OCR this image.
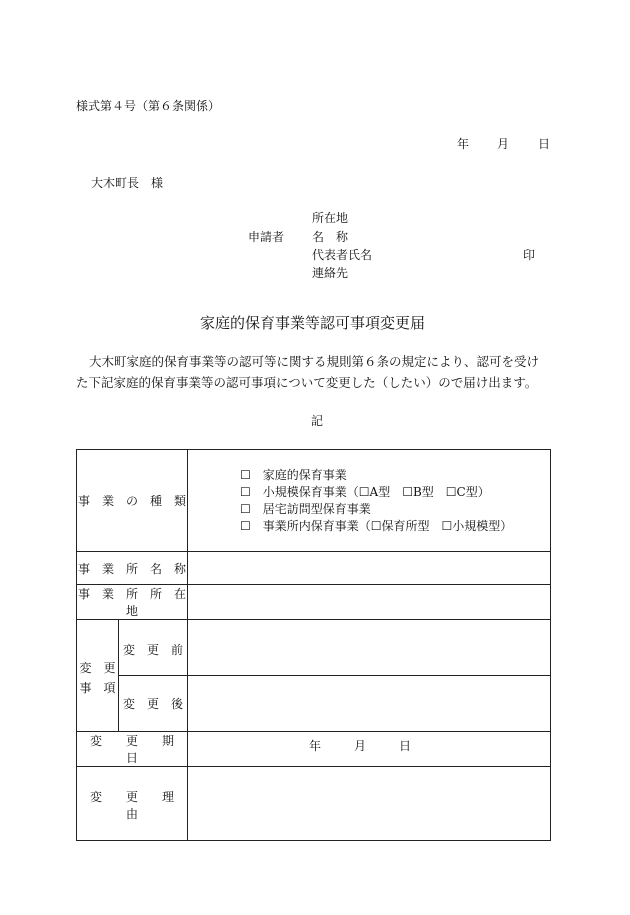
様式第４号（第６条関係）
年 月 日
大木町長　様
所在地
申請者 名　称
代表者氏名	印
連絡先
家庭的保育事業等認可事項変更届
大木町家庭的保育事業等の認可等に関する規則第６条の規定により、認可を受け
た下記家庭的保育事業等の認可事項について変更した（したい）ので届け出ます。
記
事　業　の　種　類		☐　家庭的保育事業
☐　小規模保育事業（☐A型　☐B型　☐C型）
☐　居宅訪問型保育事業
☐　事業所内保育事業（☐保育所型　☐小規模型）

事　業　所　名　称		
事　業　所　所　在　地		

変　更
事　項	変　更　前	
	変　更　後	
変　　更　　期　　日		年 月 日

変　　更　　理　　由		
